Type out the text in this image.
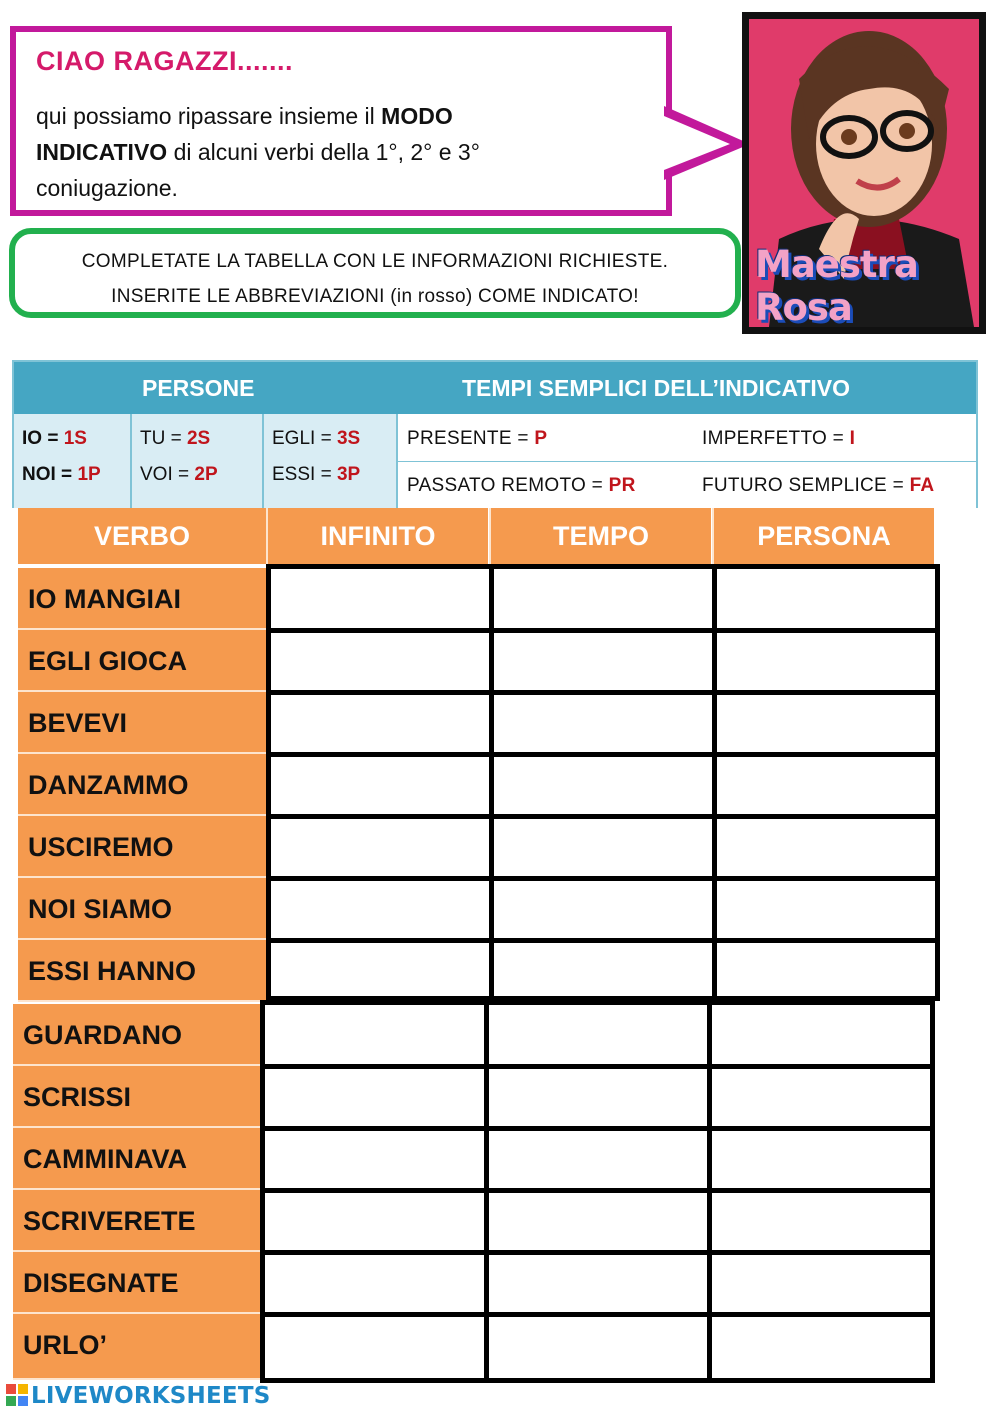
CIAO RAGAZZI.......
qui possiamo ripassare insieme il MODO
INDICATIVO di alcuni verbi della 1°, 2° e 3°
coniugazione.
COMPLETATE LA TABELLA CON LE INFORMAZIONI RICHIESTE.
INSERITE LE ABBREVIAZIONI (in rosso) COME INDICATO!
Maestra Rosa
PERSONE	TEMPI SEMPLICI DELL’INDICATIVO
IO = 1S
NOI = 1P
TU = 2S
VOI = 2P
EGLI = 3S
ESSI = 3P
PRESENTE = P	IMPERFETTO = I
PASSATO REMOTO = PR	FUTURO SEMPLICE = FA
VERBO	INFINITO	TEMPO	PERSONA
IO MANGIAI
EGLI GIOCA
BEVEVI
DANZAMMO
USCIREMO
NOI SIAMO
ESSI HANNO
GUARDANO
SCRISSI
CAMMINAVA
SCRIVERETE
DISEGNATE
URLO’
LIVEWORKSHEETS
